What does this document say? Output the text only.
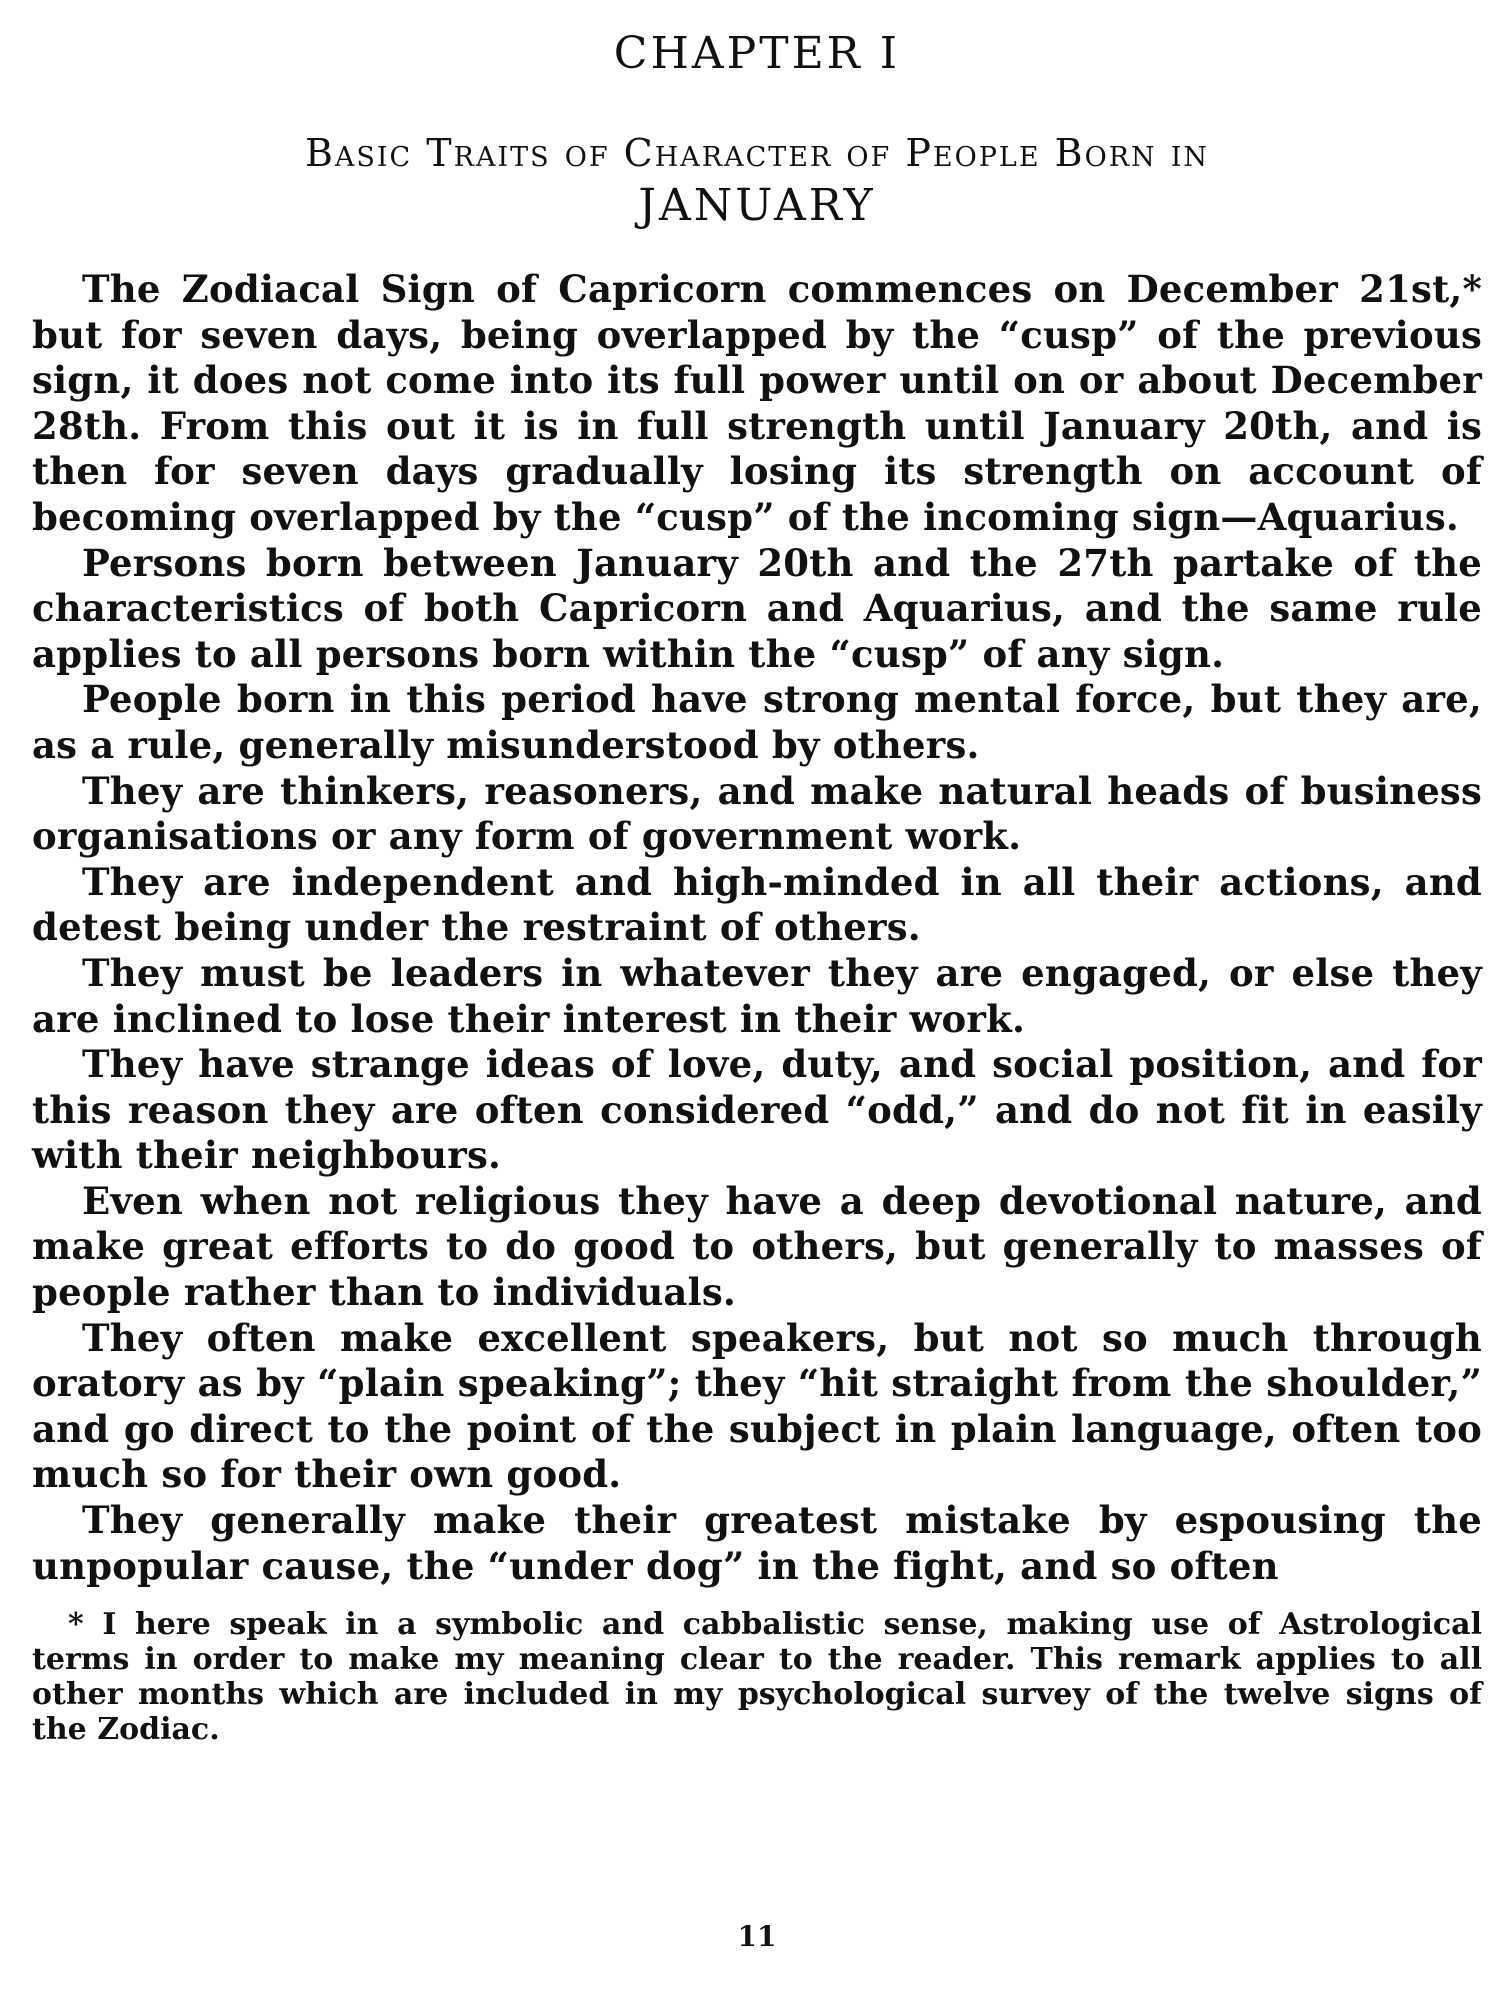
CHAPTER I
Basic Traits of Character of People Born in
JANUARY

The Zodiacal Sign of Capricorn commences on December 21st,* but for seven days, being overlapped by the “cusp” of the previous sign, it does not come into its full power until on or about December 28th. From this out it is in full strength until January 20th, and is then for seven days gradually losing its strength on account of becoming overlapped by the “cusp” of the incoming sign—Aquarius.

Persons born between January 20th and the 27th partake of the characteristics of both Capricorn and Aquarius, and the same rule applies to all persons born within the “cusp” of any sign.

People born in this period have strong mental force, but they are, as a rule, generally misunderstood by others.

They are thinkers, reasoners, and make natural heads of business organisations or any form of government work.

They are independent and high-minded in all their actions, and detest being under the restraint of others.

They must be leaders in whatever they are engaged, or else they are inclined to lose their interest in their work.

They have strange ideas of love, duty, and social position, and for this reason they are often considered “odd,” and do not fit in easily with their neighbours.

Even when not religious they have a deep devotional nature, and make great efforts to do good to others, but generally to masses of people rather than to individuals.

They often make excellent speakers, but not so much through oratory as by “plain speaking”; they “hit straight from the shoulder,” and go direct to the point of the subject in plain language, often too much so for their own good.

They generally make their greatest mistake by espousing the unpopular cause, the “under dog” in the fight, and so often

* I here speak in a symbolic and cabbalistic sense, making use of Astrological terms in order to make my meaning clear to the reader. This remark applies to all other months which are included in my psychological survey of the twelve signs of the Zodiac.

11
